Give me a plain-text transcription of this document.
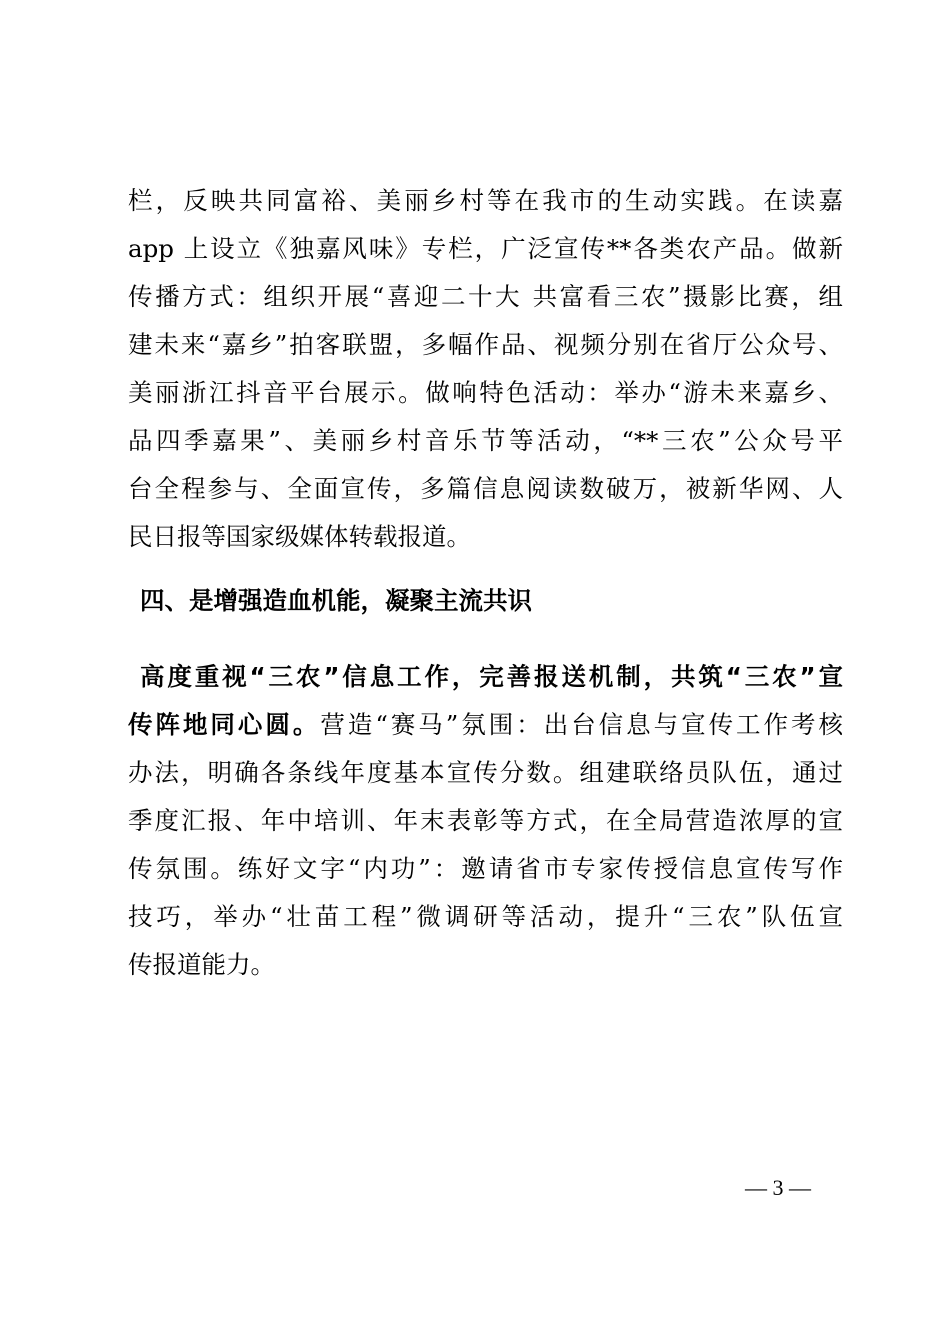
栏，反映共同富裕、美丽乡村等在我市的生动实践。在读嘉
app 上设立《独嘉风味》专栏，广泛宣传**各类农产品。做新
传播方式：组织开展“喜迎二十大 共富看三农”摄影比赛，组
建未来“嘉乡”拍客联盟，多幅作品、视频分别在省厅公众号、
美丽浙江抖音平台展示。做响特色活动：举办“游未来嘉乡、
品四季嘉果”、美丽乡村音乐节等活动，“**三农”公众号平
台全程参与、全面宣传，多篇信息阅读数破万，被新华网、人
民日报等国家级媒体转载报道。
四、是增强造血机能，凝聚主流共识
高度重视“三农”信息工作，完善报送机制，共筑“三农”宣
传阵地同心圆。营造“赛马”氛围：出台信息与宣传工作考核
办法，明确各条线年度基本宣传分数。组建联络员队伍，通过
季度汇报、年中培训、年末表彰等方式，在全局营造浓厚的宣
传氛围。练好文字“内功”：邀请省市专家传授信息宣传写作
技巧，举办“壮苗工程”微调研等活动，提升“三农”队伍宣
传报道能力。
— 3 —
